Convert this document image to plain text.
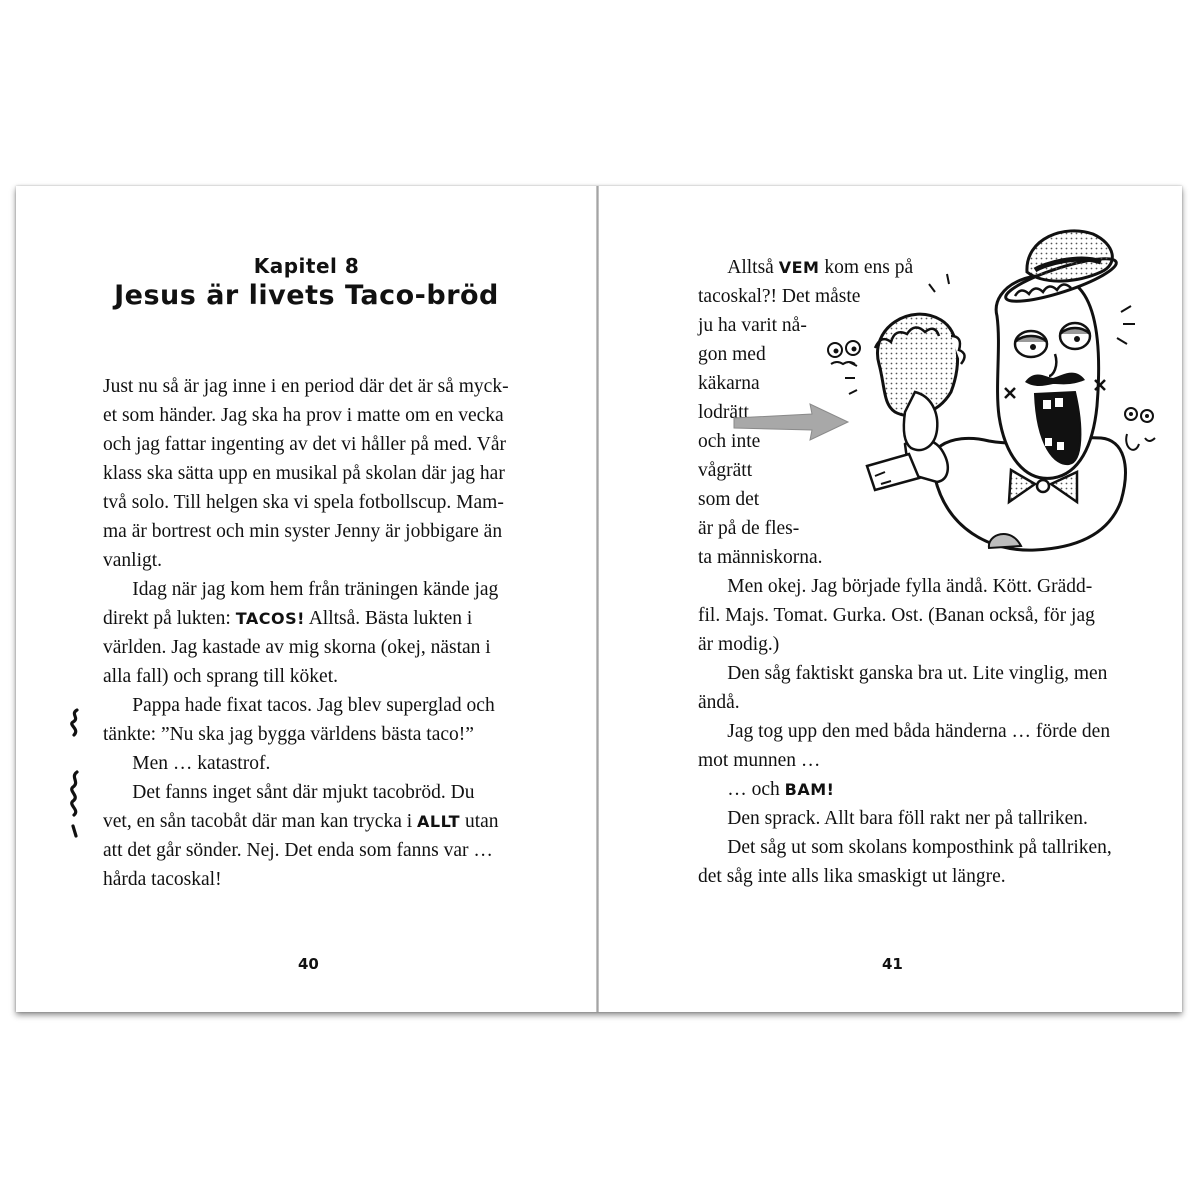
Kapitel 8
Jesus är livets Taco-bröd
Just nu så är jag inne i en period där det är så myck-
et som händer. Jag ska ha prov i matte om en vecka
och jag fattar ingenting av det vi håller på med. Vår
klass ska sätta upp en musikal på skolan där jag har
två solo. Till helgen ska vi spela fotbollscup. Mam-
ma är bortrest och min syster Jenny är jobbigare än
vanligt.
  Idag när jag kom hem från träningen kände jag
direkt på lukten: TACOS! Alltså. Bästa lukten i
världen. Jag kastade av mig skorna (okej, nästan i
alla fall) och sprang till köket.
  Pappa hade fixat tacos. Jag blev superglad och
tänkte: ”Nu ska jag bygga världens bästa taco!”
  Men … katastrof.
  Det fanns inget sånt där mjukt tacobröd. Du
vet, en sån tacobåt där man kan trycka i ALLT utan
att det går sönder. Nej. Det enda som fanns var …
hårda tacoskal!
40
  Alltså VEM kom ens på
tacoskal?! Det måste
ju ha varit nå-
gon med
käkarna
lodrätt
och inte
vågrätt
som det
är på de fles-
ta människorna.
  Men okej. Jag började fylla ändå. Kött. Grädd-
fil. Majs. Tomat. Gurka. Ost. (Banan också, för jag
är modig.)
  Den såg faktiskt ganska bra ut. Lite vinglig, men
ändå.
  Jag tog upp den med båda händerna … förde den
mot munnen …
  … och BAM!
  Den sprack. Allt bara föll rakt ner på tallriken.
  Det såg ut som skolans komposthink på tallriken,
det såg inte alls lika smaskigt ut längre.
41
